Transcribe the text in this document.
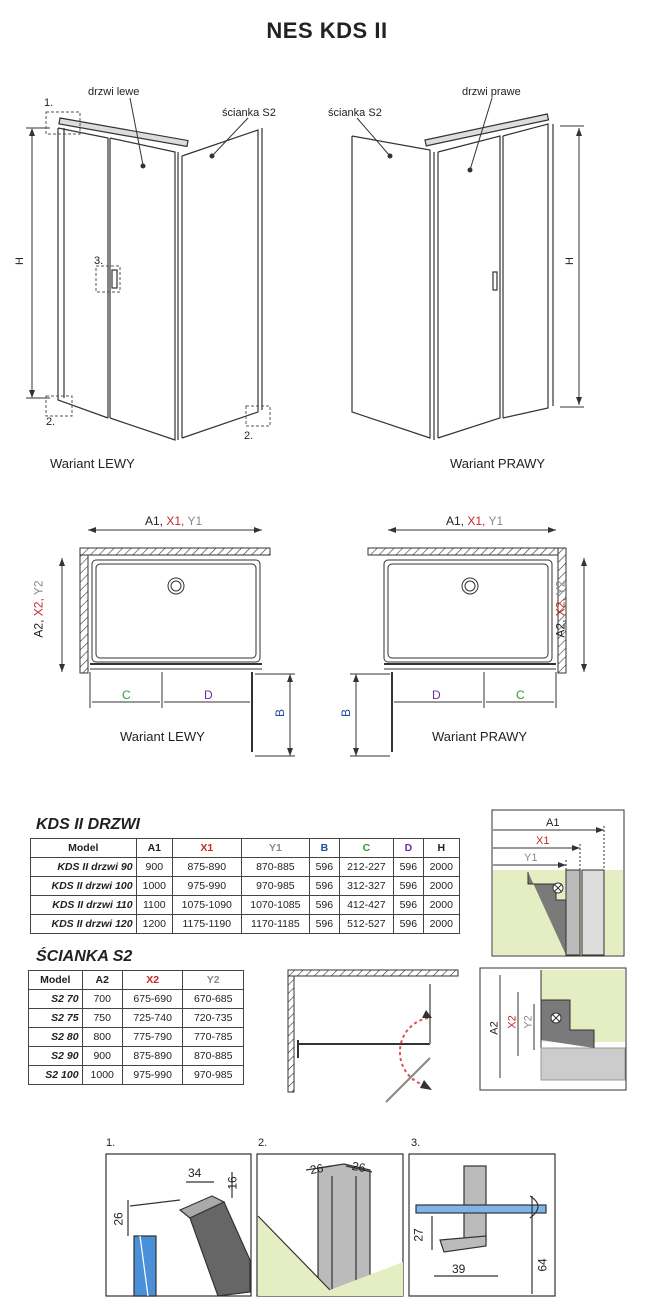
NES KDS II
drzwi lewe
ścianka S2
1.
3.
2.
2.
H
Wariant LEWY
drzwi prawe
ścianka S2
H
Wariant PRAWY
A1, X1, Y1	A1, X1, Y1
A2, X2, Y2
A2, X2, Y2
C	D
B
D	C
B
Wariant LEWY	Wariant PRAWY
KDS II DRZWI
Model	A1	X1	Y1	B	C	D	H
KDS II drzwi 90	900	875-890	870-885	596	212-227	596	2000
KDS II drzwi 100	1000	975-990	970-985	596	312-327	596	2000
KDS II drzwi 110	1100	1075-1090	1070-1085	596	412-427	596	2000
KDS II drzwi 120	1200	1175-1190	1170-1185	596	512-527	596	2000
ŚCIANKA S2
Model	A2	X2	Y2
S2 70	700	675-690	670-685
S2 75	750	725-740	720-735
S2 80	800	775-790	770-785
S2 90	900	875-890	870-885
S2 100	1000	975-990	970-985
A1
X1
Y1
A2 X2 Y2
1.
34
16
26
2.
26 26
3.
39
27
64
